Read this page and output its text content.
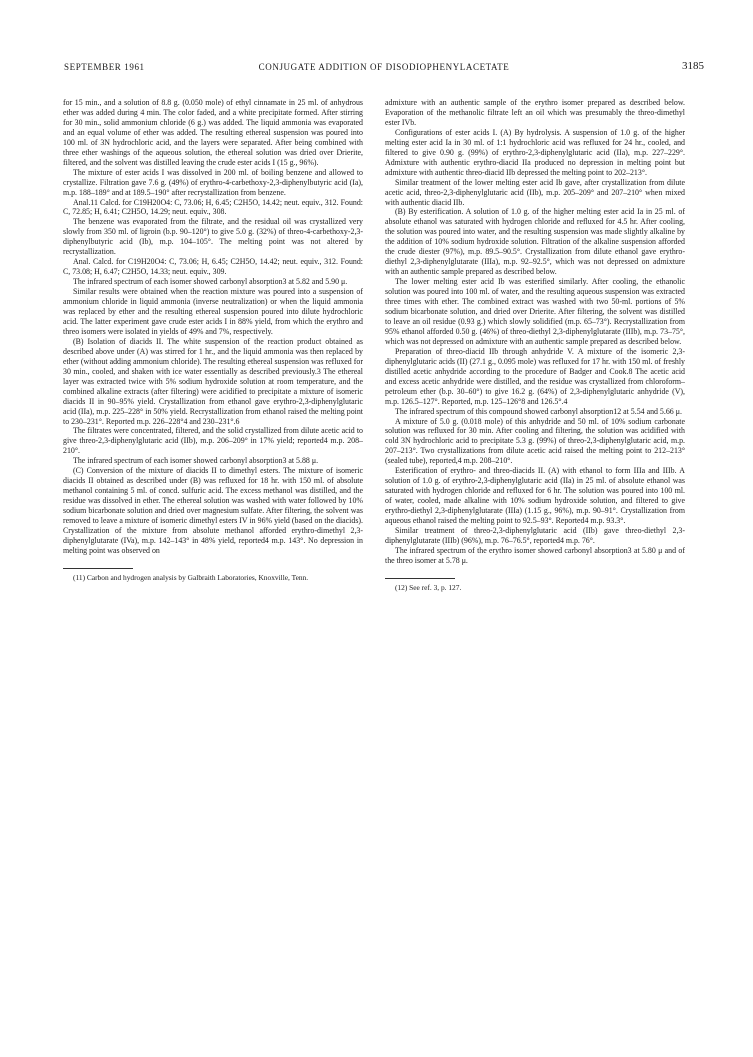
SEPTEMBER 1961	CONJUGATE ADDITION OF DISODIOPHENYLACETATE	3185

for 15 min., and a solution of 8.8 g. (0.050 mole) of ethyl cinnamate in 25 ml. of anhydrous ether was added during 4 min. The color faded, and a white precipitate formed. After stirring for 30 min., solid ammonium chloride (6 g.) was added. The liquid ammonia was evaporated and an equal volume of ether was added. The resulting ethereal suspension was poured into 100 ml. of 3N hydrochloric acid, and the layers were separated. After being combined with three ether washings of the aqueous solution, the ethereal solution was dried over Drierite, filtered, and the solvent was distilled leaving the crude ester acids I (15 g., 96%).

The mixture of ester acids I was dissolved in 200 ml. of boiling benzene and allowed to crystallize. Filtration gave 7.6 g. (49%) of erythro-4-carbethoxy-2,3-diphenylbutyric acid (Ia), m.p. 188–189° and at 189.5–190° after recrystallization from benzene.

Anal.11 Calcd. for C19H20O4: C, 73.06; H, 6.45; C2H5O, 14.42; neut. equiv., 312. Found: C, 72.85; H, 6.41; C2H5O, 14.29; neut. equiv., 308.

The benzene was evaporated from the filtrate, and the residual oil was crystallized very slowly from 350 ml. of ligroin (b.p. 90–120°) to give 5.0 g. (32%) of threo-4-carbethoxy-2,3-diphenylbutyric acid (Ib), m.p. 104–105°. The melting point was not altered by recrystallization.

Anal. Calcd. for C19H20O4: C, 73.06; H, 6.45; C2H5O, 14.42; neut. equiv., 312. Found: C, 73.08; H, 6.47; C2H5O, 14.33; neut. equiv., 309.

The infrared spectrum of each isomer showed carbonyl absorption3 at 5.82 and 5.90 μ.

Similar results were obtained when the reaction mixture was poured into a suspension of ammonium chloride in liquid ammonia (inverse neutralization) or when the liquid ammonia was replaced by ether and the resulting ethereal suspension poured into dilute hydrochloric acid. The latter experiment gave crude ester acids I in 88% yield, from which the erythro and threo isomers were isolated in yields of 49% and 7%, respectively.

(B) Isolation of diacids II. The white suspension of the reaction product obtained as described above under (A) was stirred for 1 hr., and the liquid ammonia was then replaced by ether (without adding ammonium chloride). The resulting ethereal suspension was refluxed for 30 min., cooled, and shaken with ice water essentially as described previously.3 The ethereal layer was extracted twice with 5% sodium hydroxide solution at room temperature, and the combined alkaline extracts (after filtering) were acidified to precipitate a mixture of isomeric diacids II in 90–95% yield. Crystallization from ethanol gave erythro-2,3-diphenylglutaric acid (IIa), m.p. 225–228° in 50% yield. Recrystallization from ethanol raised the melting point to 230–231°. Reported m.p. 226–228°4 and 230–231°.6

The filtrates were concentrated, filtered, and the solid crystallized from dilute acetic acid to give threo-2,3-diphenylglutaric acid (IIb), m.p. 206–209° in 17% yield; reported4 m.p. 208–210°.

The infrared spectrum of each isomer showed carbonyl absorption3 at 5.88 μ.

(C) Conversion of the mixture of diacids II to dimethyl esters. The mixture of isomeric diacids II obtained as described under (B) was refluxed for 18 hr. with 150 ml. of absolute methanol containing 5 ml. of concd. sulfuric acid. The excess methanol was distilled, and the residue was dissolved in ether. The ethereal solution was washed with water followed by 10% sodium bicarbonate solution and dried over magnesium sulfate. After filtering, the solvent was removed to leave a mixture of isomeric dimethyl esters IV in 96% yield (based on the diacids). Crystallization of the mixture from absolute methanol afforded erythro-dimethyl 2,3-diphenylglutarate (IVa), m.p. 142–143° in 48% yield, reported4 m.p. 143°. No depression in melting point was observed on

(11) Carbon and hydrogen analysis by Galbraith Laboratories, Knoxville, Tenn.

admixture with an authentic sample of the erythro isomer prepared as described below. Evaporation of the methanolic filtrate left an oil which was presumably the threo-dimethyl ester IVb.

Configurations of ester acids I. (A) By hydrolysis. A suspension of 1.0 g. of the higher melting ester acid Ia in 30 ml. of 1:1 hydrochloric acid was refluxed for 24 hr., cooled, and filtered to give 0.90 g. (99%) of erythro-2,3-diphenylglutaric acid (IIa), m.p. 227–229°. Admixture with authentic erythro-diacid IIa produced no depression in melting point but admixture with authentic threo-diacid IIb depressed the melting point to 202–213°.

Similar treatment of the lower melting ester acid Ib gave, after crystallization from dilute acetic acid, threo-2,3-diphenylglutaric acid (IIb), m.p. 205–209° and 207–210° when mixed with authentic diacid IIb.

(B) By esterification. A solution of 1.0 g. of the higher melting ester acid Ia in 25 ml. of absolute ethanol was saturated with hydrogen chloride and refluxed for 4.5 hr. After cooling, the solution was poured into water, and the resulting suspension was made slightly alkaline by the addition of 10% sodium hydroxide solution. Filtration of the alkaline suspension afforded the crude diester (97%), m.p. 89.5–90.5°. Crystallization from dilute ethanol gave erythro-diethyl 2,3-diphenylglutarate (IIIa), m.p. 92–92.5°, which was not depressed on admixture with an authentic sample prepared as described below.

The lower melting ester acid Ib was esterified similarly. After cooling, the ethanolic solution was poured into 100 ml. of water, and the resulting aqueous suspension was extracted three times with ether. The combined extract was washed with two 50-ml. portions of 5% sodium bicarbonate solution, and dried over Drierite. After filtering, the solvent was distilled to leave an oil residue (0.93 g.) which slowly solidified (m.p. 65–73°). Recrystallization from 95% ethanol afforded 0.50 g. (46%) of threo-diethyl 2,3-diphenylglutarate (IIIb), m.p. 73–75°, which was not depressed on admixture with an authentic sample prepared as described below.

Preparation of threo-diacid IIb through anhydride V. A mixture of the isomeric 2,3-diphenylglutaric acids (II) (27.1 g., 0.095 mole) was refluxed for 17 hr. with 150 ml. of freshly distilled acetic anhydride according to the procedure of Badger and Cook.8 The acetic acid and excess acetic anhydride were distilled, and the residue was crystallized from chloroform–petroleum ether (b.p. 30–60°) to give 16.2 g. (64%) of 2,3-diphenylglutaric anhydride (V), m.p. 126.5–127°. Reported, m.p. 125–126°8 and 126.5°.4

The infrared spectrum of this compound showed carbonyl absorption12 at 5.54 and 5.66 μ.

A mixture of 5.0 g. (0.018 mole) of this anhydride and 50 ml. of 10% sodium carbonate solution was refluxed for 30 min. After cooling and filtering, the solution was acidified with cold 3N hydrochloric acid to precipitate 5.3 g. (99%) of threo-2,3-diphenylglutaric acid, m.p. 207–213°. Two crystallizations from dilute acetic acid raised the melting point to 212–213° (sealed tube), reported,4 m.p. 208–210°.

Esterification of erythro- and threo-diacids II. (A) with ethanol to form IIIa and IIIb. A solution of 1.0 g. of erythro-2,3-diphenylglutaric acid (IIa) in 25 ml. of absolute ethanol was saturated with hydrogen chloride and refluxed for 6 hr. The solution was poured into 100 ml. of water, cooled, made alkaline with 10% sodium hydroxide solution, and filtered to give erythro-diethyl 2,3-diphenylglutarate (IIIa) (1.15 g., 96%), m.p. 90–91°. Crystallization from aqueous ethanol raised the melting point to 92.5–93°. Reported4 m.p. 93.3°.

Similar treatment of threo-2,3-diphenylglutaric acid (IIb) gave threo-diethyl 2,3-diphenylglutarate (IIIb) (96%), m.p. 76–76.5°, reported4 m.p. 76°.

The infrared spectrum of the erythro isomer showed carbonyl absorption3 at 5.80 μ and of the threo isomer at 5.78 μ.

(12) See ref. 3, p. 127.
